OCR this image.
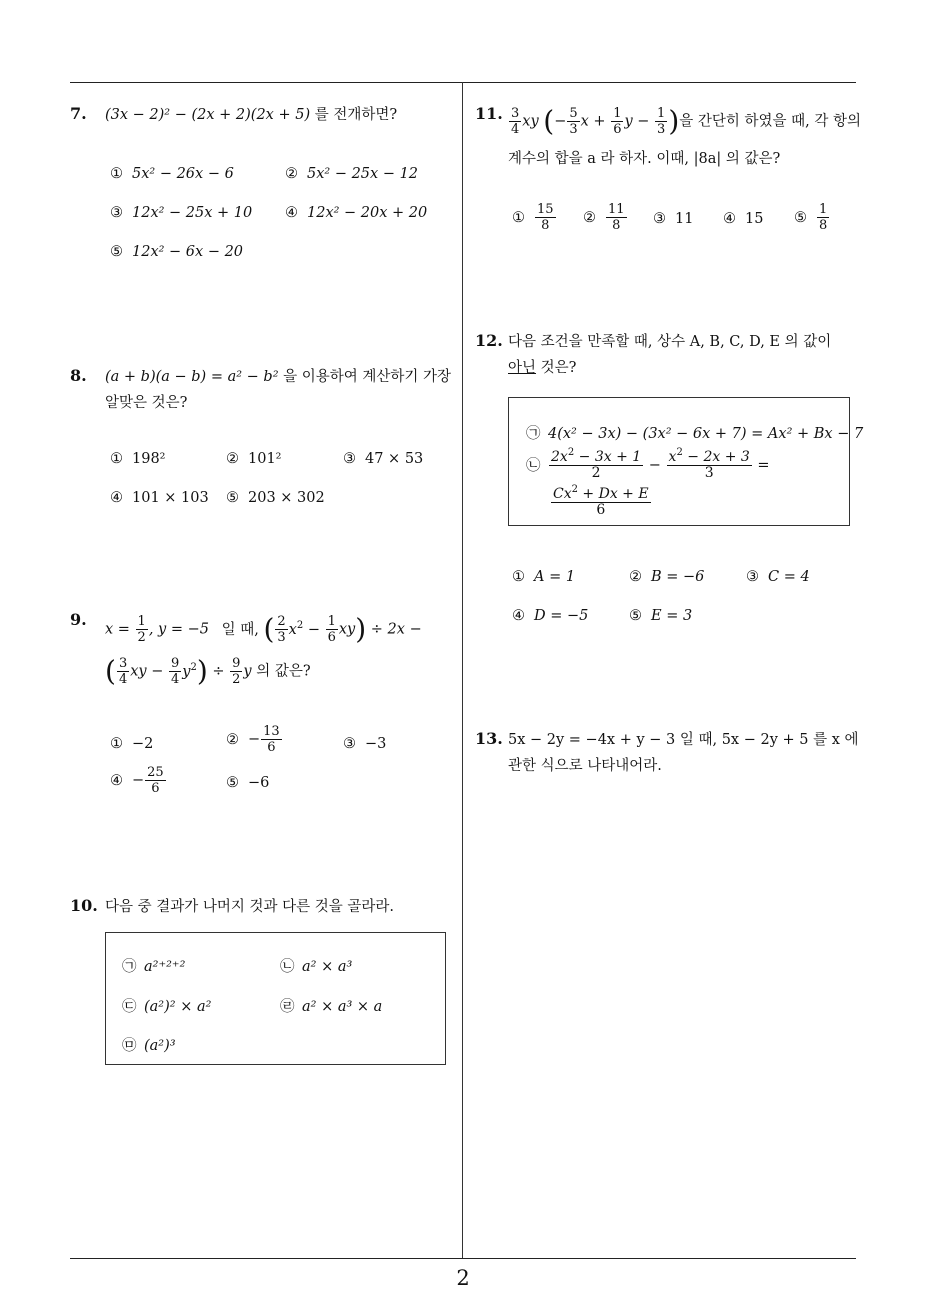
2
7. (3x − 2)² − (2x + 2)(2x + 5) 를 전개하면?
① 5x² − 26x − 6	② 5x² − 25x − 12
③ 12x² − 25x + 10 ④ 12x² − 20x + 20
⑤ 12x² − 6x − 20
8. (a + b)(a − b) = a² − b² 을 이용하여 계산하기 가장
알맞은 것은?
① 198²	② 101²	③ 47 × 53
④ 101 × 103 ⑤ 203 × 302
9.
$x = \frac{1}{2}$ , y = −5 일 때, ( $\frac{2}{3} x^2 - \frac{1}{6} xy) \div 2x$ −
( $\frac{3}{4}$ xy − $\frac{9}{4} y^2) \div \frac{9}{2}$ y 의 값은?
① −2	② − $\frac{13}{6}$	③ −3
④ − $\frac{25}{6}$	⑤ −6
10. 다음 중 결과가 나머지 것과 다른 것을 골라라.
㉠ a²⁺²⁺²	㉡ a² × a³
㉢ (a²)² × a²	㉣ a² × a³ × a
㉤ (a²)³
11. $\frac{3}{4}$ xy (− $\frac{5}{3}$ $x + \frac{1}{6}$ $y - \frac{1}{3}$ )을 간단히 하였을 때, 각 항의
계수의 합을 a 라 하자. 이때, |8a| 의 값은?
① $\frac{15}{8}$ ② $\frac{11}{8}$ ③ 11 ④ 15 ⑤ $\frac{1}{8}$
12. 다음 조건을 만족할 때, 상수 A, B, C, D, E 의 값이
아닌 것은?
㉠ 4(x² − 3x) − (3x² − 6x + 7) = Ax² + Bx − 7
㉡ $\frac{2x^2 - 3x + 1}{2} - \frac{x^2 - 2x + 3}{3}$ =
$\frac{Cx^2 + Dx + E}{6}$
① A = 1	② B = −6	③ C = 4
④ D = −5	⑤ E = 3
13. 5x − 2y = −4x + y − 3 일 때, 5x − 2y + 5 를 x 에
관한 식으로 나타내어라.
